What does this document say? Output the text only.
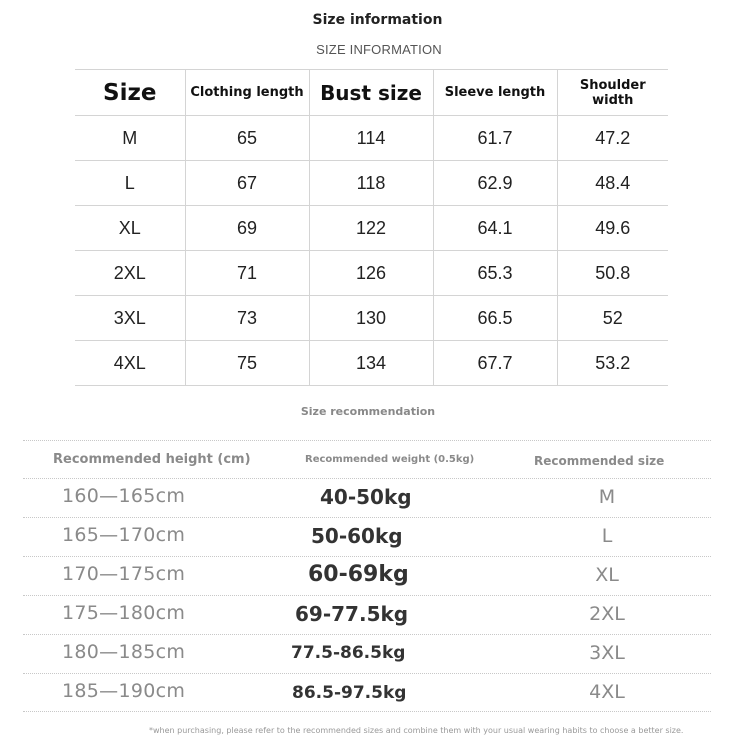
Size information
SIZE INFORMATION
Size	Clothing length	Bust size	Sleeve length	Shoulder width
M	65	114	61.7	47.2
L	67	118	62.9	48.4
XL	69	122	64.1	49.6
2XL	71	126	65.3	50.8
3XL	73	130	66.5	52
4XL	75	134	67.7	53.2
Size recommendation
Recommended height (cm)	Recommended weight (0.5kg)	Recommended size
160—165cm	40-50kg	M
165—170cm	50-60kg	L
170—175cm	60-69kg	XL
175—180cm	69-77.5kg	2XL
180—185cm	77.5-86.5kg	3XL
185—190cm	86.5-97.5kg	4XL
*when purchasing, please refer to the recommended sizes and combine them with your usual wearing habits to choose a better size.
